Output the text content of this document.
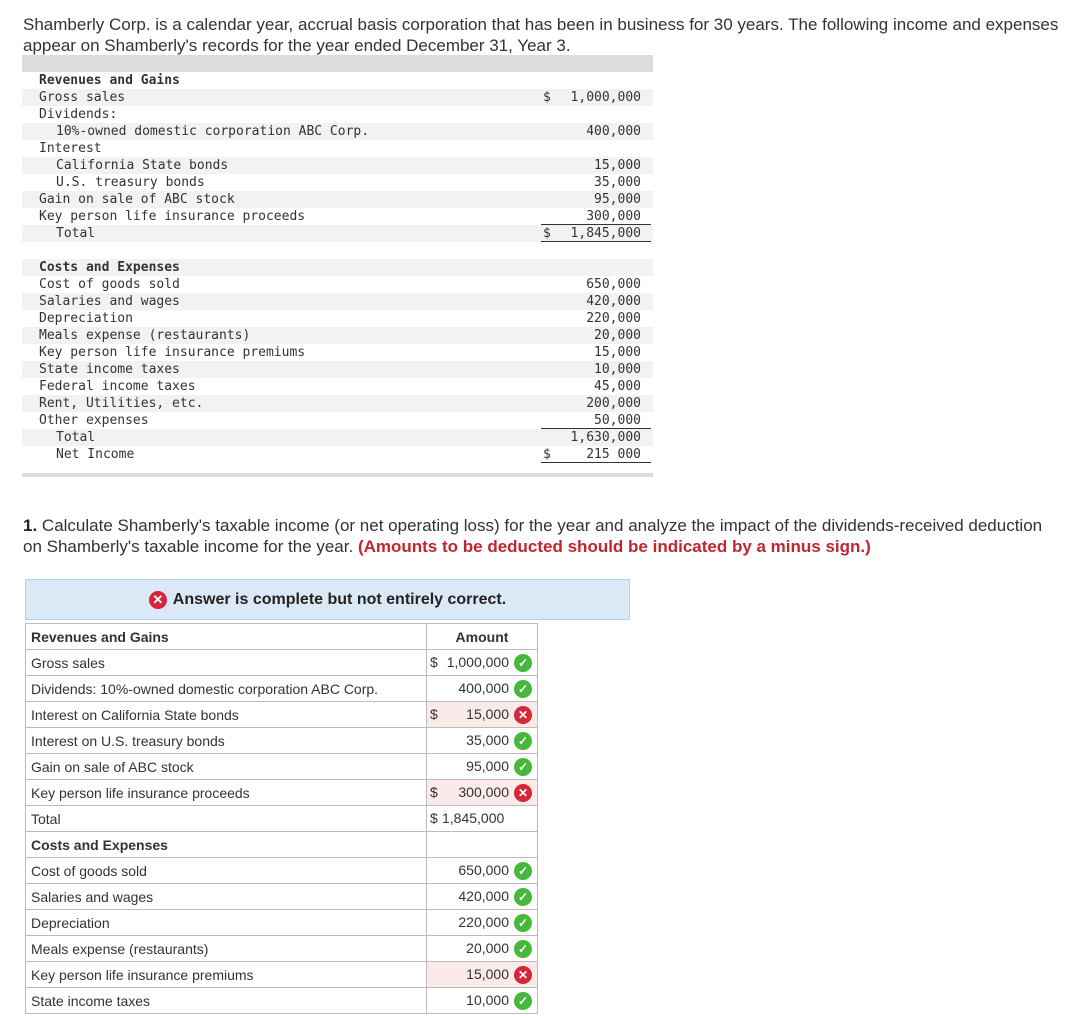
Shamberly Corp. is a calendar year, accrual basis corporation that has been in business for 30 years. The following income and expenses appear on Shamberly's records for the year ended December 31, Year 3.
Revenues and Gains
Gross sales	$ 1,000,000
Dividends:
10%-owned domestic corporation ABC Corp.	400,000
Interest
California State bonds	15,000
U.S. treasury bonds	35,000
Gain on sale of ABC stock	95,000
Key person life insurance proceeds	300,000
Total	$ 1,845,000
Costs and Expenses
Cost of goods sold	650,000
Salaries and wages	420,000
Depreciation	220,000
Meals expense (restaurants)	20,000
Key person life insurance premiums	15,000
State income taxes	10,000
Federal income taxes	45,000
Rent, Utilities, etc.	200,000
Other expenses	50,000
Total	1,630,000
Net Income	$	215 000
1. Calculate Shamberly's taxable income (or net operating loss) for the year and analyze the impact of the dividends-received deduction on Shamberly's taxable income for the year. (Amounts to be deducted should be indicated by a minus sign.)
✕ Answer is complete but not entirely correct.
Revenues and Gains	Amount
Gross sales	$ 1,000,000 ✓

Dividends: 10%-owned domestic corporation ABC Corp.	400,000 ✓

Interest on California State bonds	$ 15,000 ✕

Interest on U.S. treasury bonds	35,000 ✓

Gain on sale of ABC stock	95,000 ✓

Key person life insurance proceeds	$ 300,000 ✕

Total	$ 1,845,000

Costs and Expenses	
Cost of goods sold	650,000 ✓

Salaries and wages	420,000 ✓

Depreciation	220,000 ✓

Meals expense (restaurants)	20,000 ✓

Key person life insurance premiums	15,000 ✕

State income taxes	10,000 ✓
